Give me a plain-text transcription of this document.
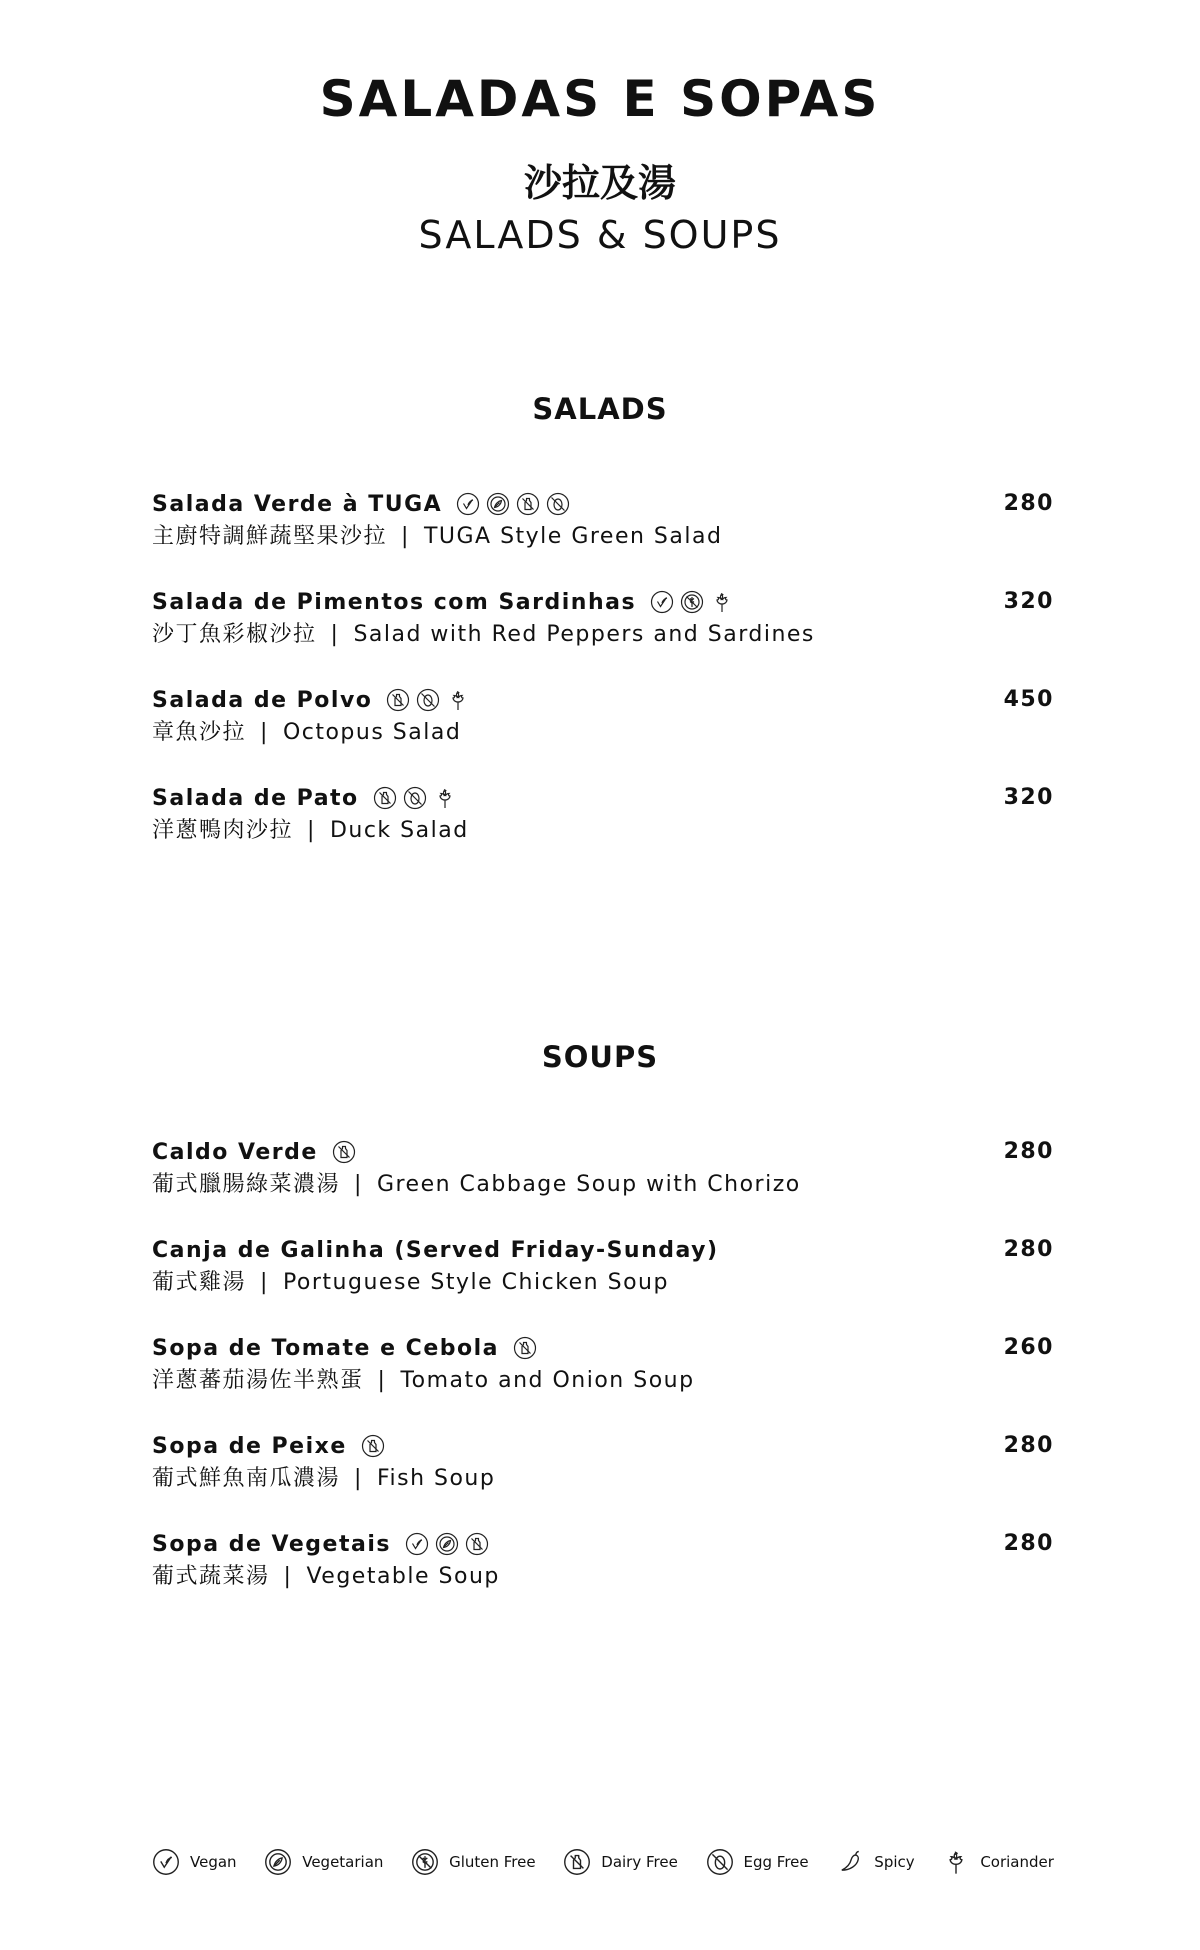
SALADAS E SOPAS
沙拉及湯
SALADS & SOUPS
SALADS
Salada Verde à TUGA	280
主廚特調鮮蔬堅果沙拉 | TUGA Style Green Salad
Salada de Pimentos com Sardinhas	320
沙丁魚彩椒沙拉 | Salad with Red Peppers and Sardines
Salada de Polvo	450
章魚沙拉 | Octopus Salad
Salada de Pato	320
洋蔥鴨肉沙拉 | Duck Salad
SOUPS
Caldo Verde	280
葡式臘腸綠菜濃湯 | Green Cabbage Soup with Chorizo
Canja de Galinha (Served Friday-Sunday)	280
葡式雞湯 | Portuguese Style Chicken Soup
Sopa de Tomate e Cebola	260
洋蔥蕃茄湯佐半熟蛋 | Tomato and Onion Soup
Sopa de Peixe	280
葡式鮮魚南瓜濃湯 | Fish Soup
Sopa de Vegetais	280
葡式蔬菜湯 | Vegetable Soup
Vegan	Vegetarian	Gluten Free	Dairy Free	Egg Free	Spicy	Coriander
